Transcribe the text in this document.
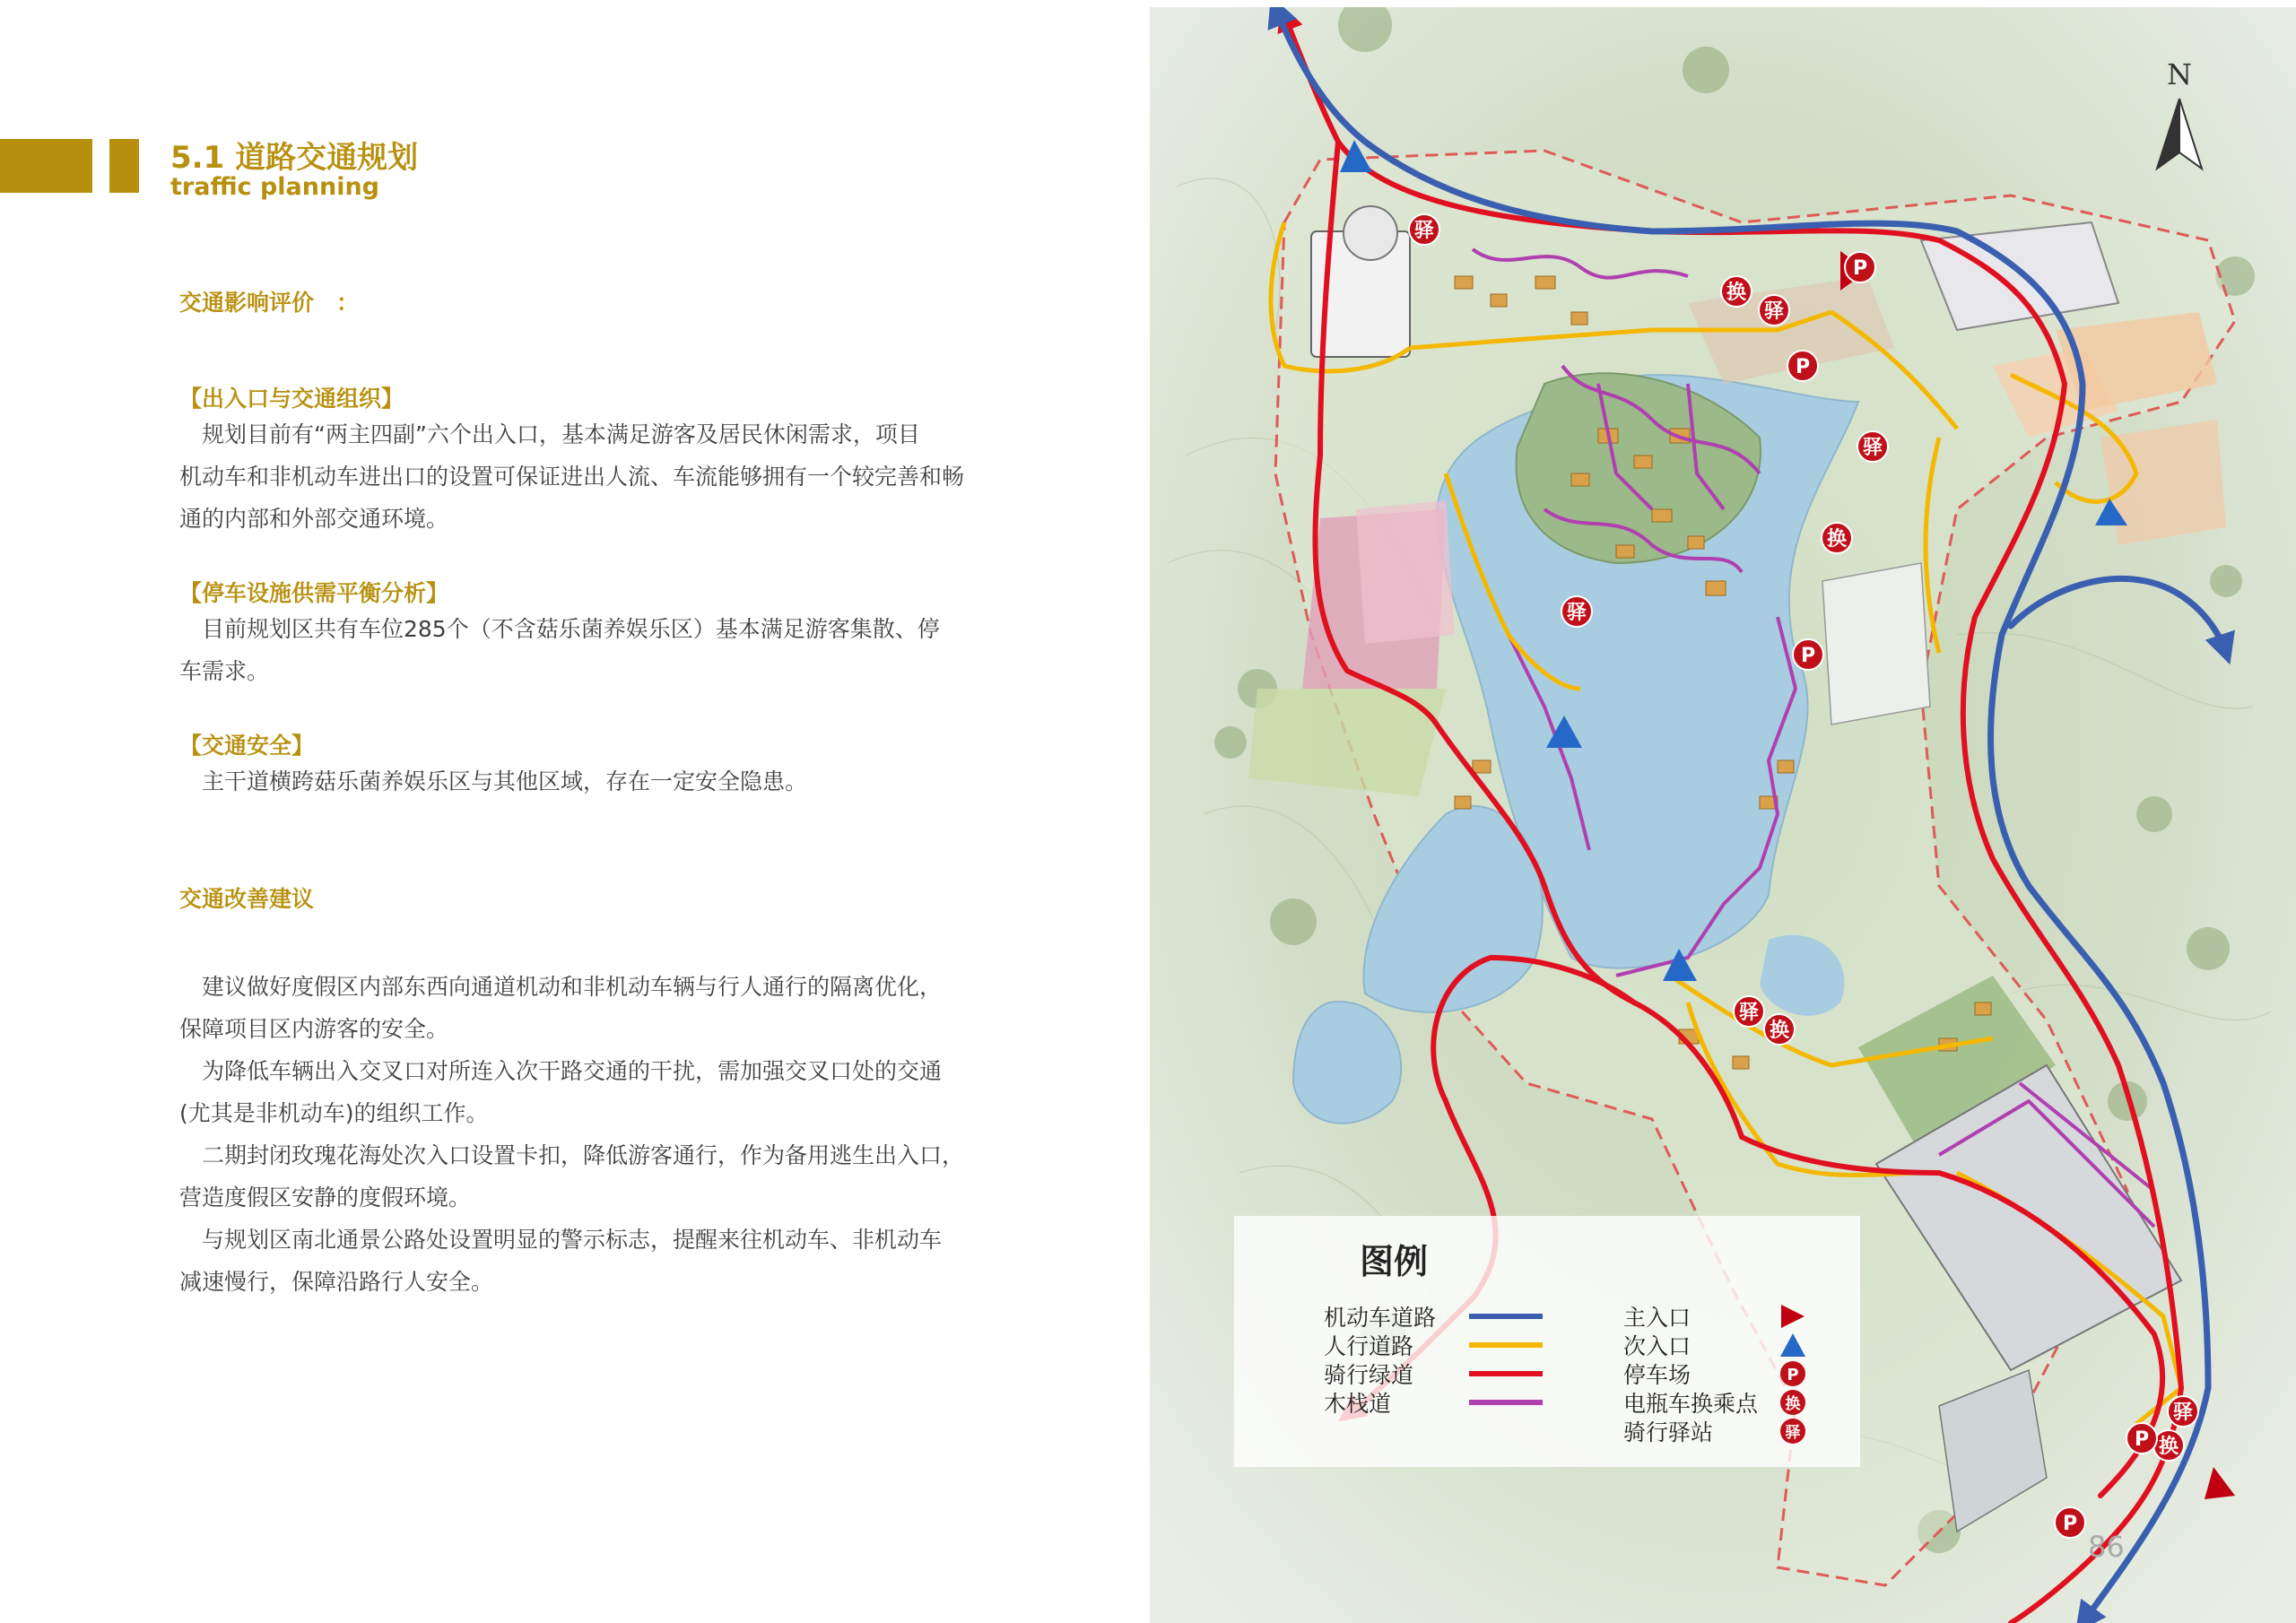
5.1 道路交通规划
traffic planning
交通影响评价　：
【出入口与交通组织】

　规划目前有“两主四副”六个出入口，基本满足游客及居民休闲需求，项目

机动车和非机动车进出口的设置可保证进出人流、车流能够拥有一个较完善和畅

通的内部和外部交通环境。

【停车设施供需平衡分析】

　目前规划区共有车位285个（不含菇乐菌养娱乐区）基本满足游客集散、停

车需求。

【交通安全】

　主干道横跨菇乐菌养娱乐区与其他区域，存在一定安全隐患。

交通改善建议

　建议做好度假区内部东西向通道机动和非机动车辆与行人通行的隔离优化，

保障项目区内游客的安全。

　为降低车辆出入交叉口对所连入次干路交通的干扰，需加强交叉口处的交通

(尤其是非机动车)的组织工作。

　二期封闭玫瑰花海处次入口设置卡扣，降低游客通行，作为备用逃生出入口，

营造度假区安静的度假环境。

　与规划区南北通景公路处设置明显的警示标志，提醒来往机动车、非机动车

减速慢行，保障沿路行人安全。

驿
驿
换
P
P
驿
换
P
驿
驿
换
驿
换
P
P
N
图例
机动车道路
人行道路
骑行绿道
木栈道
主入口
次入口
停车场	P
电瓶车换乘点	换
骑行驿站	驿
86
